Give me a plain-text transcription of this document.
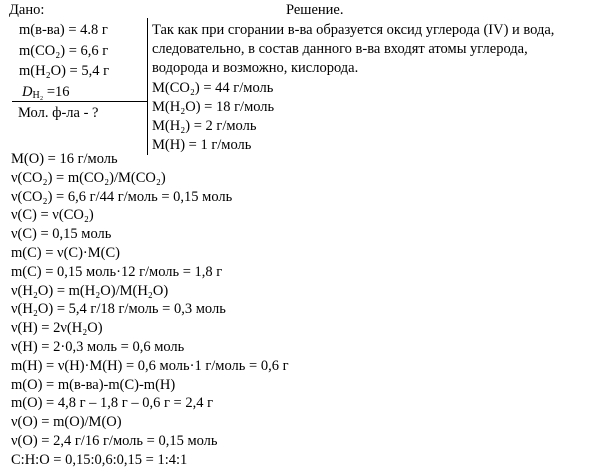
Дано:	Решение.
m(в-ва) = 4.8 г
m(CO₂) = 6,6 г
m(H₂O) = 5,4 г
$D_{H_2} =16$
Мол. ф-ла - ?
Так как при сгорании в-ва образуется оксид углерода (IV) и вода,
следовательно, в состав данного в-ва входят атомы углерода,
водорода и возможно, кислорода.
M(CO₂) = 44 г/моль
M(H₂O) = 18 г/моль
M(H₂) = 2 г/моль
M(H) = 1 г/моль
M(O) = 16 г/моль
ν(CO₂) = m(CO₂)/M(CO₂)
ν(CO₂) = 6,6 г/44 г/моль = 0,15 моль
ν(C) = ν(CO₂)
ν(C) = 0,15 моль
m(C) = ν(C)·M(C)
m(C) = 0,15 моль·12 г/моль = 1,8 г
ν(H₂O) = m(H₂O)/M(H₂O)
ν(H₂O) = 5,4 г/18 г/моль = 0,3 моль
ν(H) = 2ν(H₂O)
ν(H) = 2·0,3 моль = 0,6 моль
m(H) = ν(H)·M(H) = 0,6 моль·1 г/моль = 0,6 г
m(O) = m(в-ва)-m(C)-m(H)
m(O) = 4,8 г – 1,8 г – 0,6 г = 2,4 г
ν(O) = m(O)/M(O)
ν(O) = 2,4 г/16 г/моль = 0,15 моль
C:H:O = 0,15:0,6:0,15 = 1:4:1
